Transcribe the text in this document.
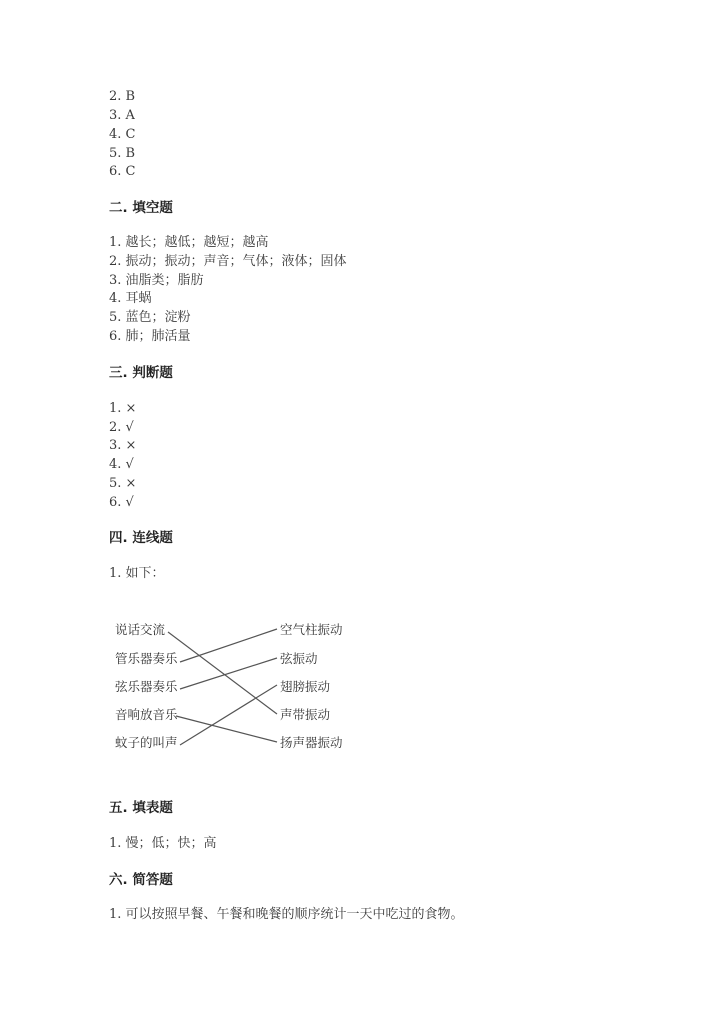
2. B
3. A
4. C
5. B
6. C
二. 填空题
1. 越长；越低；越短；越高
2. 振动；振动；声音；气体；液体；固体
3. 油脂类；脂肪
4. 耳蜗
5. 蓝色；淀粉
6. 肺；肺活量
三. 判断题
1. ×
2. √
3. ×
4. √
5. ×
6. √
四. 连线题
1. 如下：
说话交流
管乐器奏乐
弦乐器奏乐
音响放音乐
蚊子的叫声
空气柱振动
弦振动
翅膀振动
声带振动
扬声器振动
五. 填表题
1. 慢；低；快；高
六. 简答题
1. 可以按照早餐、午餐和晚餐的顺序统计一天中吃过的食物。
